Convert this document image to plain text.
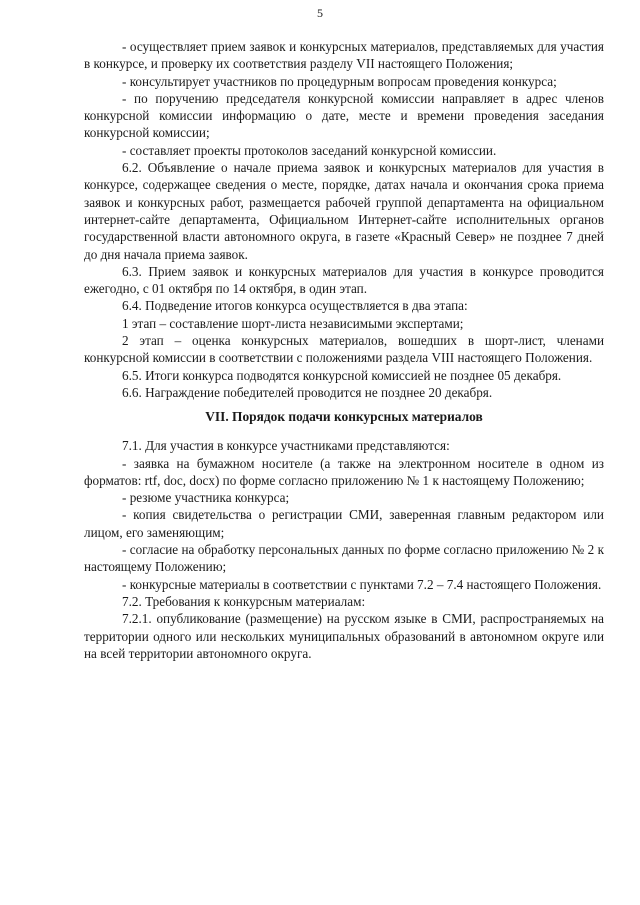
5

- осуществляет прием заявок и конкурсных материалов, представляемых для участия в конкурсе, и проверку их соответствия разделу VII настоящего Положения;

- консультирует участников по процедурным вопросам проведения конкурса;

- по поручению председателя конкурсной комиссии направляет в адрес членов конкурсной комиссии информацию о дате, месте и времени проведения заседания конкурсной комиссии;

- составляет проекты протоколов заседаний конкурсной комиссии.

6.2. Объявление о начале приема заявок и конкурсных материалов для участия в конкурсе, содержащее сведения о месте, порядке, датах начала и окончания срока приема заявок и конкурсных работ, размещается рабочей группой департамента на официальном интернет-сайте департамента, Официальном Интернет-сайте исполнительных органов государственной власти автономного округа, в газете «Красный Север» не позднее 7 дней до дня начала приема заявок.

6.3. Прием заявок и конкурсных материалов для участия в конкурсе проводится ежегодно, с 01 октября по 14 октября, в один этап.

6.4. Подведение итогов конкурса осуществляется в два этапа:

1 этап – составление шорт-листа независимыми экспертами;

2 этап – оценка конкурсных материалов, вошедших в шорт-лист, членами конкурсной комиссии в соответствии с положениями раздела VIII настоящего Положения.

6.5. Итоги конкурса подводятся конкурсной комиссией не позднее 05 декабря.

6.6. Награждение победителей проводится не позднее 20 декабря.

VII. Порядок подачи конкурсных материалов

7.1. Для участия в конкурсе участниками представляются:

- заявка на бумажном носителе (а также на электронном носителе в одном из форматов: rtf, doc, docx) по форме согласно приложению № 1 к настоящему Положению;

- резюме участника конкурса;

- копия свидетельства о регистрации СМИ, заверенная главным редактором или лицом, его заменяющим;

- согласие на обработку персональных данных по форме согласно приложению № 2 к настоящему Положению;

- конкурсные материалы в соответствии с пунктами 7.2 – 7.4 настоящего Положения.

7.2. Требования к конкурсным материалам:

7.2.1. опубликование (размещение) на русском языке в СМИ, распространяемых на территории одного или нескольких муниципальных образований в автономном округе или на всей территории автономного округа.
